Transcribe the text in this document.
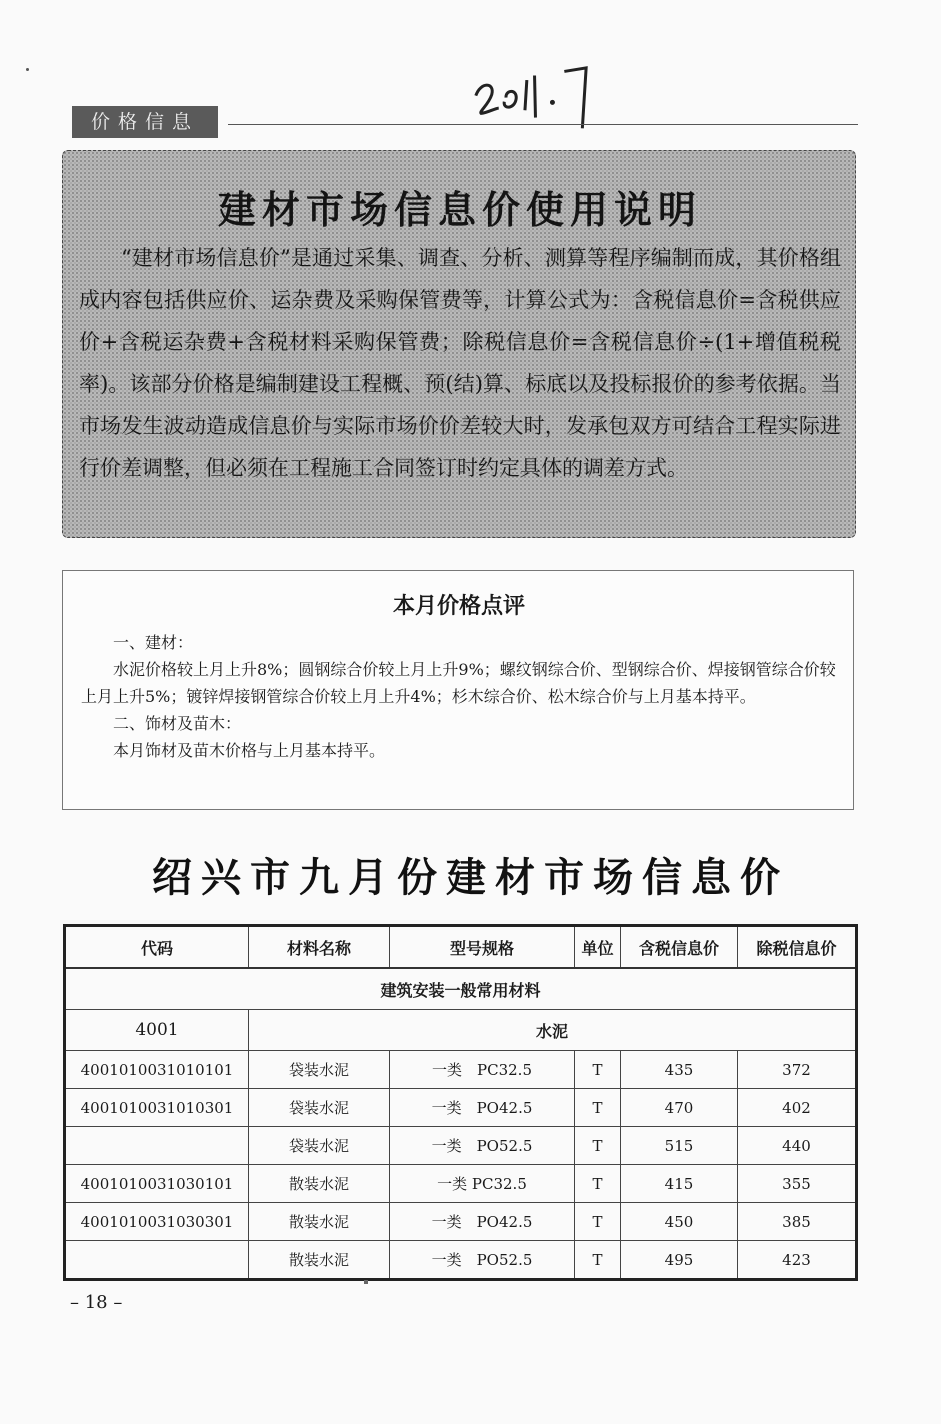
价格信息
建材市场信息价使用说明
“建材市场信息价”是通过采集、调查、分析、测算等程序编制而成，其价格组成内容包括供应价、运杂费及采购保管费等，计算公式为：含税信息价=含税供应价+含税运杂费+含税材料采购保管费；除税信息价=含税信息价÷(1+增值税税率)。该部分价格是编制建设工程概、预(结)算、标底以及投标报价的参考依据。当市场发生波动造成信息价与实际市场价价差较大时，发承包双方可结合工程实际进行价差调整，但必须在工程施工合同签订时约定具体的调差方式。
本月价格点评

一、建材：

水泥价格较上月上升8%；圆钢综合价较上月上升9%；螺纹钢综合价、型钢综合价、焊接钢管综合价较上月上升5%；镀锌焊接钢管综合价较上月上升4%；杉木综合价、松木综合价与上月基本持平。

二、饰材及苗木：

本月饰材及苗木价格与上月基本持平。

绍兴市九月份建材市场信息价
代码	材料名称	型号规格	单位	含税信息价	除税信息价
建筑安装一般常用材料					
4001	水泥				
4001010031010101	袋装水泥	一类　PC32.5	T	435	372
4001010031010301	袋装水泥	一类　PO42.5	T	470	402
	袋装水泥	一类　PO52.5	T	515	440
4001010031030101	散装水泥	一类 PC32.5	T	415	355
4001010031030301	散装水泥	一类　PO42.5	T	450	385
	散装水泥	一类　PO52.5	T	495	423
– 18 –
